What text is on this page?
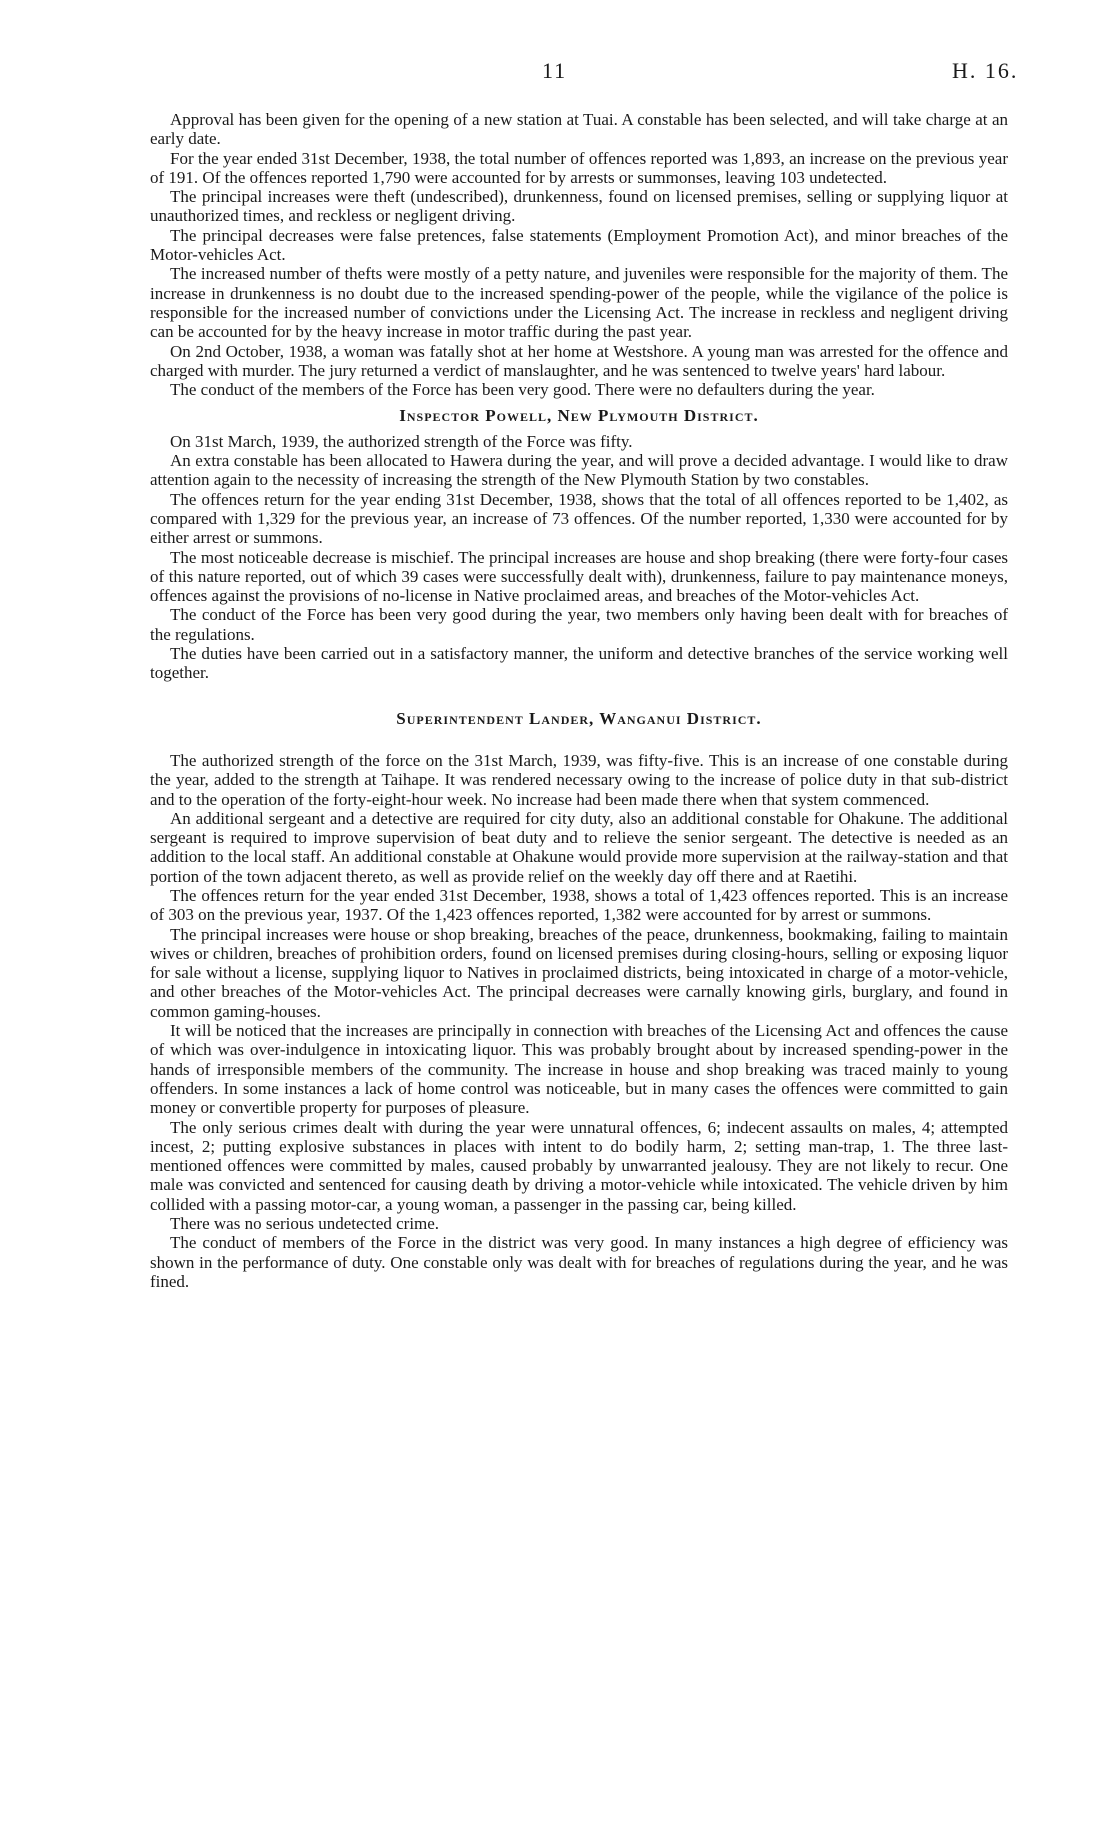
11	H. 16.

Approval has been given for the opening of a new station at Tuai. A constable has been selected, and will take charge at an early date.

For the year ended 31st December, 1938, the total number of offences reported was 1,893, an increase on the previous year of 191. Of the offences reported 1,790 were accounted for by arrests or summonses, leaving 103 undetected.

The principal increases were theft (undescribed), drunkenness, found on licensed premises, selling or supplying liquor at unauthorized times, and reckless or negligent driving.

The principal decreases were false pretences, false statements (Employment Promotion Act), and minor breaches of the Motor-vehicles Act.

The increased number of thefts were mostly of a petty nature, and juveniles were responsible for the majority of them. The increase in drunkenness is no doubt due to the increased spending-power of the people, while the vigilance of the police is responsible for the increased number of convictions under the Licensing Act. The increase in reckless and negligent driving can be accounted for by the heavy increase in motor traffic during the past year.

On 2nd October, 1938, a woman was fatally shot at her home at Westshore. A young man was arrested for the offence and charged with murder. The jury returned a verdict of manslaughter, and he was sentenced to twelve years' hard labour.

The conduct of the members of the Force has been very good. There were no defaulters during the year.

Inspector Powell, New Plymouth District.

On 31st March, 1939, the authorized strength of the Force was fifty.

An extra constable has been allocated to Hawera during the year, and will prove a decided advantage. I would like to draw attention again to the necessity of increasing the strength of the New Plymouth Station by two constables.

The offences return for the year ending 31st December, 1938, shows that the total of all offences reported to be 1,402, as compared with 1,329 for the previous year, an increase of 73 offences. Of the number reported, 1,330 were accounted for by either arrest or summons.

The most noticeable decrease is mischief. The principal increases are house and shop breaking (there were forty-four cases of this nature reported, out of which 39 cases were successfully dealt with), drunkenness, failure to pay maintenance moneys, offences against the provisions of no-license in Native proclaimed areas, and breaches of the Motor-vehicles Act.

The conduct of the Force has been very good during the year, two members only having been dealt with for breaches of the regulations.

The duties have been carried out in a satisfactory manner, the uniform and detective branches of the service working well together.

Superintendent Lander, Wanganui District.

The authorized strength of the force on the 31st March, 1939, was fifty-five. This is an increase of one constable during the year, added to the strength at Taihape. It was rendered necessary owing to the increase of police duty in that sub-district and to the operation of the forty-eight-hour week. No increase had been made there when that system commenced.

An additional sergeant and a detective are required for city duty, also an additional constable for Ohakune. The additional sergeant is required to improve supervision of beat duty and to relieve the senior sergeant. The detective is needed as an addition to the local staff. An additional constable at Ohakune would provide more supervision at the railway-station and that portion of the town adjacent thereto, as well as provide relief on the weekly day off there and at Raetihi.

The offences return for the year ended 31st December, 1938, shows a total of 1,423 offences reported. This is an increase of 303 on the previous year, 1937. Of the 1,423 offences reported, 1,382 were accounted for by arrest or summons.

The principal increases were house or shop breaking, breaches of the peace, drunkenness, bookmaking, failing to maintain wives or children, breaches of prohibition orders, found on licensed premises during closing-hours, selling or exposing liquor for sale without a license, supplying liquor to Natives in proclaimed districts, being intoxicated in charge of a motor-vehicle, and other breaches of the Motor-vehicles Act. The principal decreases were carnally knowing girls, burglary, and found in common gaming-houses.

It will be noticed that the increases are principally in connection with breaches of the Licensing Act and offences the cause of which was over-indulgence in intoxicating liquor. This was probably brought about by increased spending-power in the hands of irresponsible members of the community. The increase in house and shop breaking was traced mainly to young offenders. In some instances a lack of home control was noticeable, but in many cases the offences were committed to gain money or convertible property for purposes of pleasure.

The only serious crimes dealt with during the year were unnatural offences, 6; indecent assaults on males, 4; attempted incest, 2; putting explosive substances in places with intent to do bodily harm, 2; setting man-trap, 1. The three last-mentioned offences were committed by males, caused probably by unwarranted jealousy. They are not likely to recur. One male was convicted and sentenced for causing death by driving a motor-vehicle while intoxicated. The vehicle driven by him collided with a passing motor-car, a young woman, a passenger in the passing car, being killed.

There was no serious undetected crime.

The conduct of members of the Force in the district was very good. In many instances a high degree of efficiency was shown in the performance of duty. One constable only was dealt with for breaches of regulations during the year, and he was fined.
